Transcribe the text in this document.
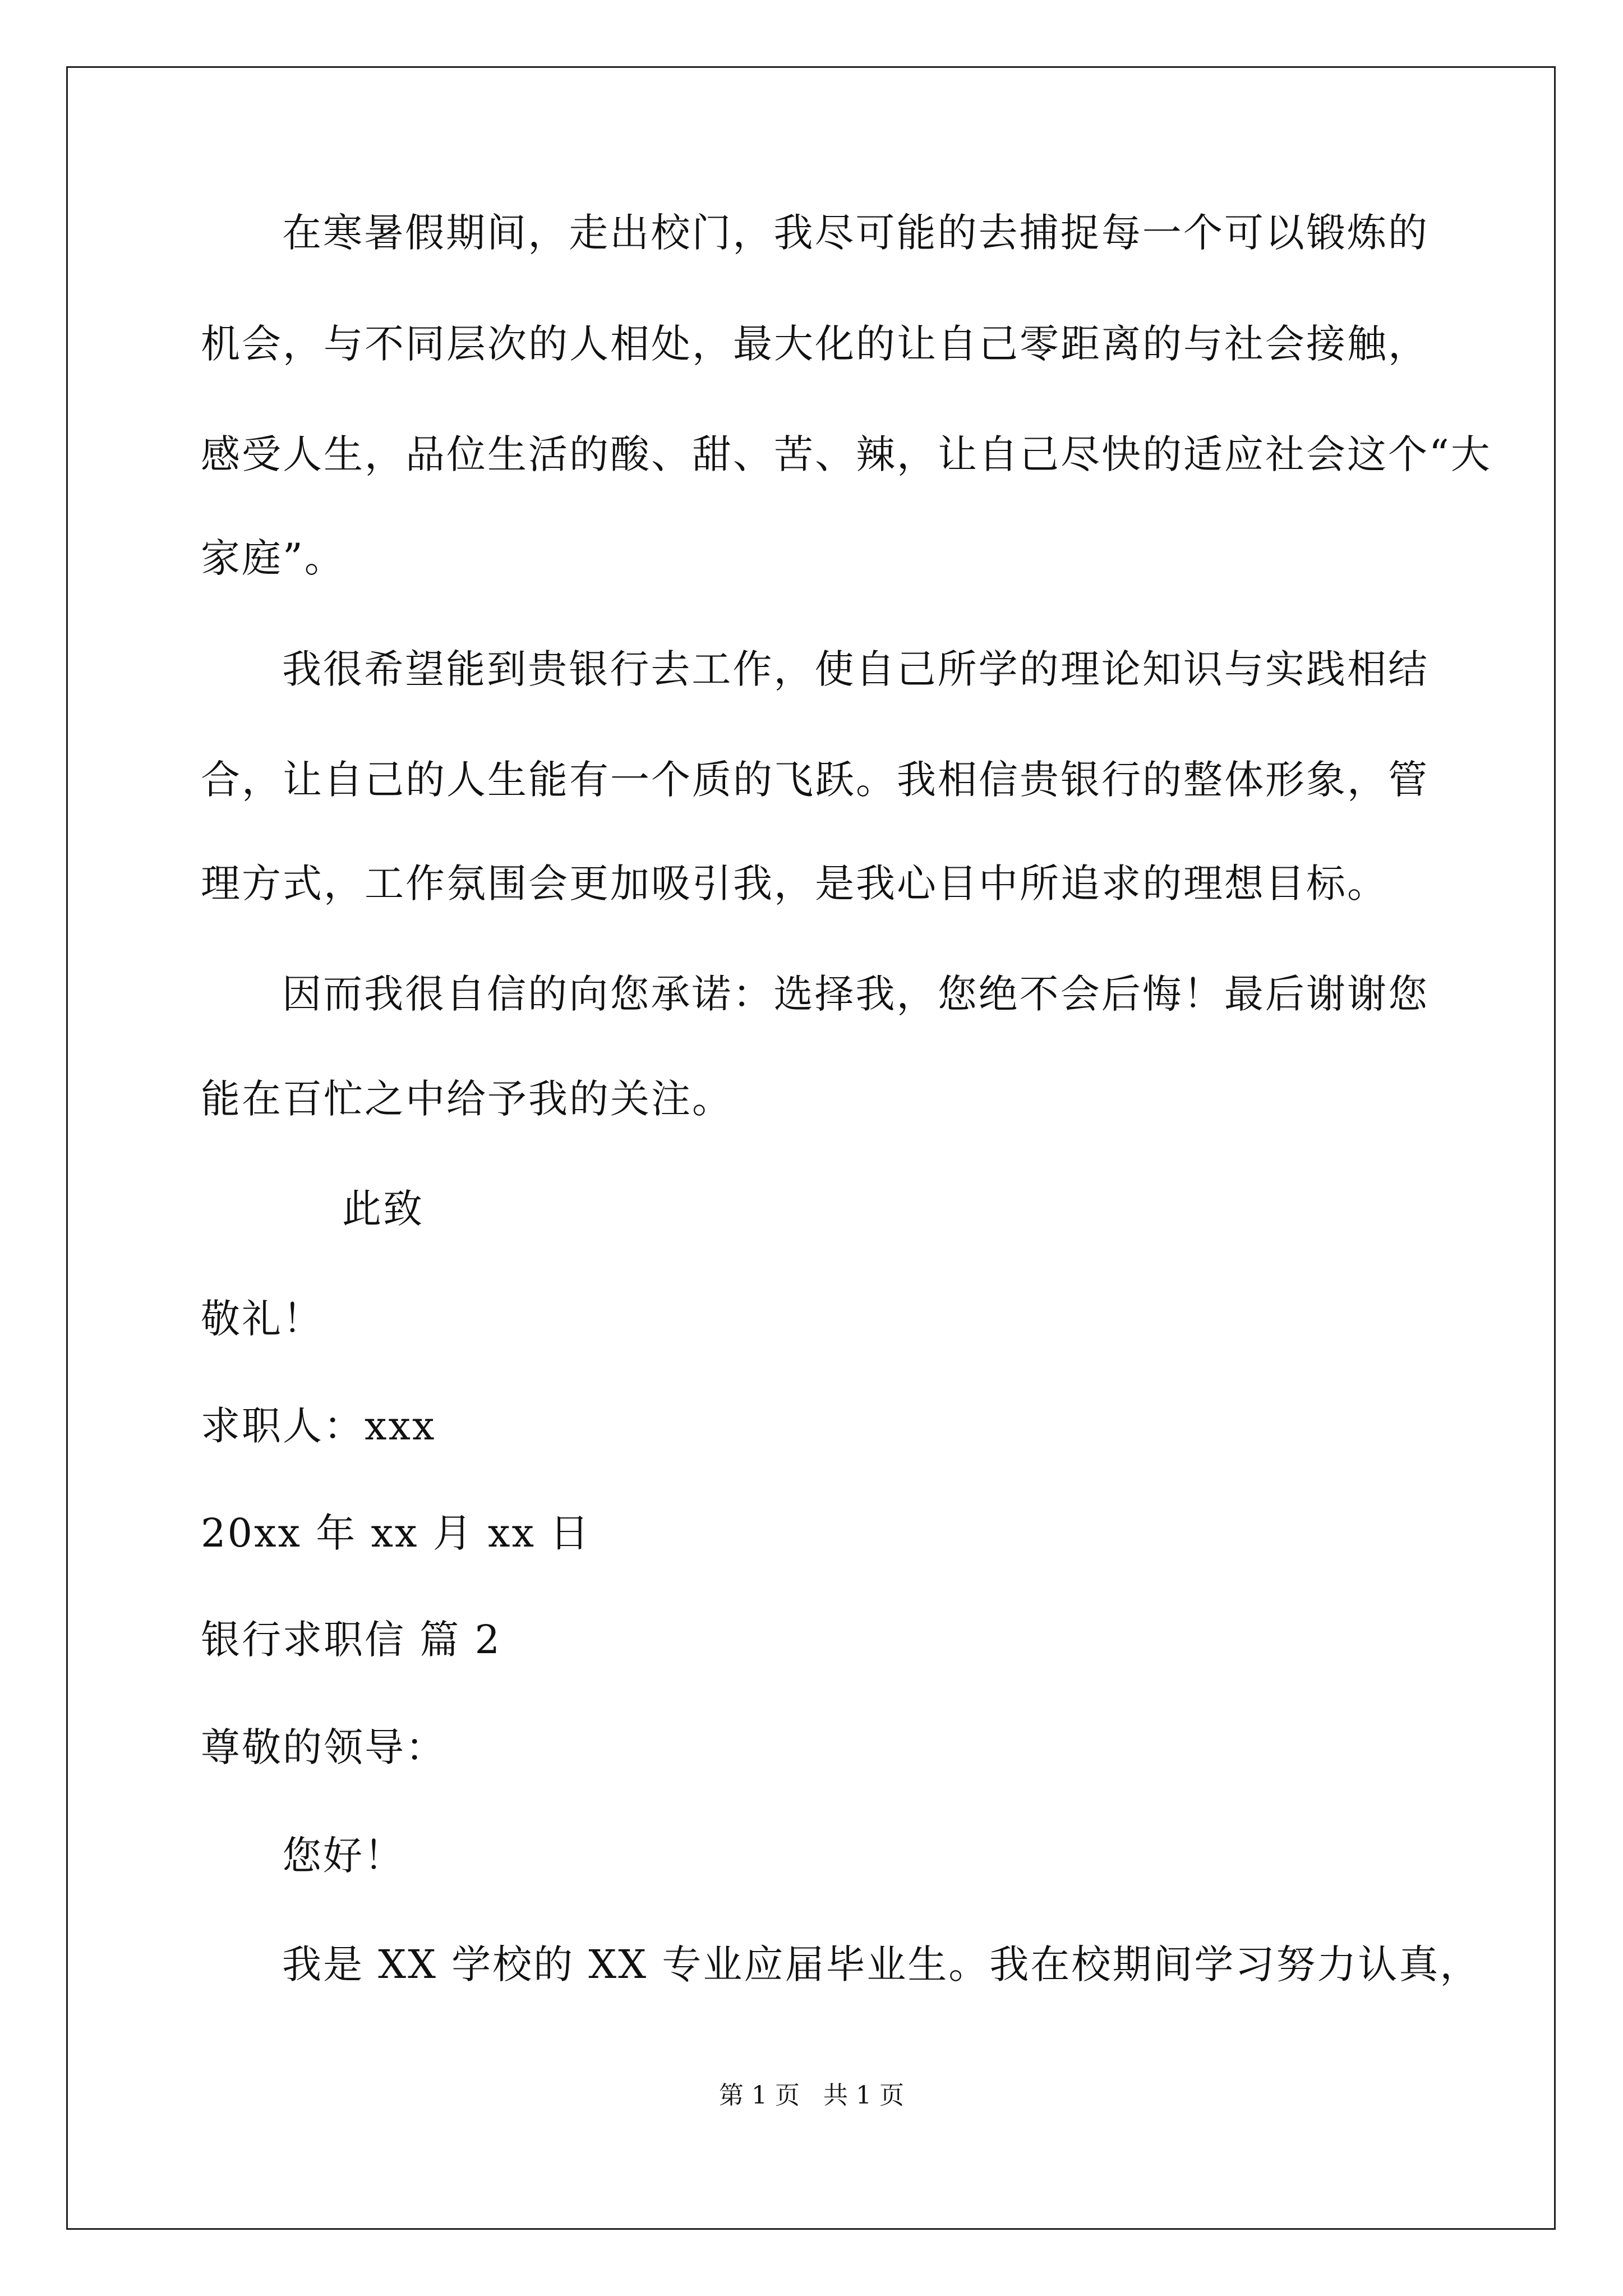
在寒暑假期间，走出校门，我尽可能的去捕捉每一个可以锻炼的
机会，与不同层次的人相处，最大化的让自己零距离的与社会接触，
感受人生，品位生活的酸、甜、苦、辣，让自己尽快的适应社会这个“大
家庭”。
我很希望能到贵银行去工作，使自己所学的理论知识与实践相结
合，让自己的人生能有一个质的飞跃。我相信贵银行的整体形象，管
理方式，工作氛围会更加吸引我，是我心目中所追求的理想目标。
因而我很自信的向您承诺：选择我，您绝不会后悔！最后谢谢您
能在百忙之中给予我的关注。
此致
敬礼！
求职人：xxx
20xx 年 xx 月 xx 日
银行求职信 篇 2
尊敬的领导：
您好！
我是 XX 学校的 XX 专业应届毕业生。我在校期间学习努力认真，
第 1 页   共 1 页
